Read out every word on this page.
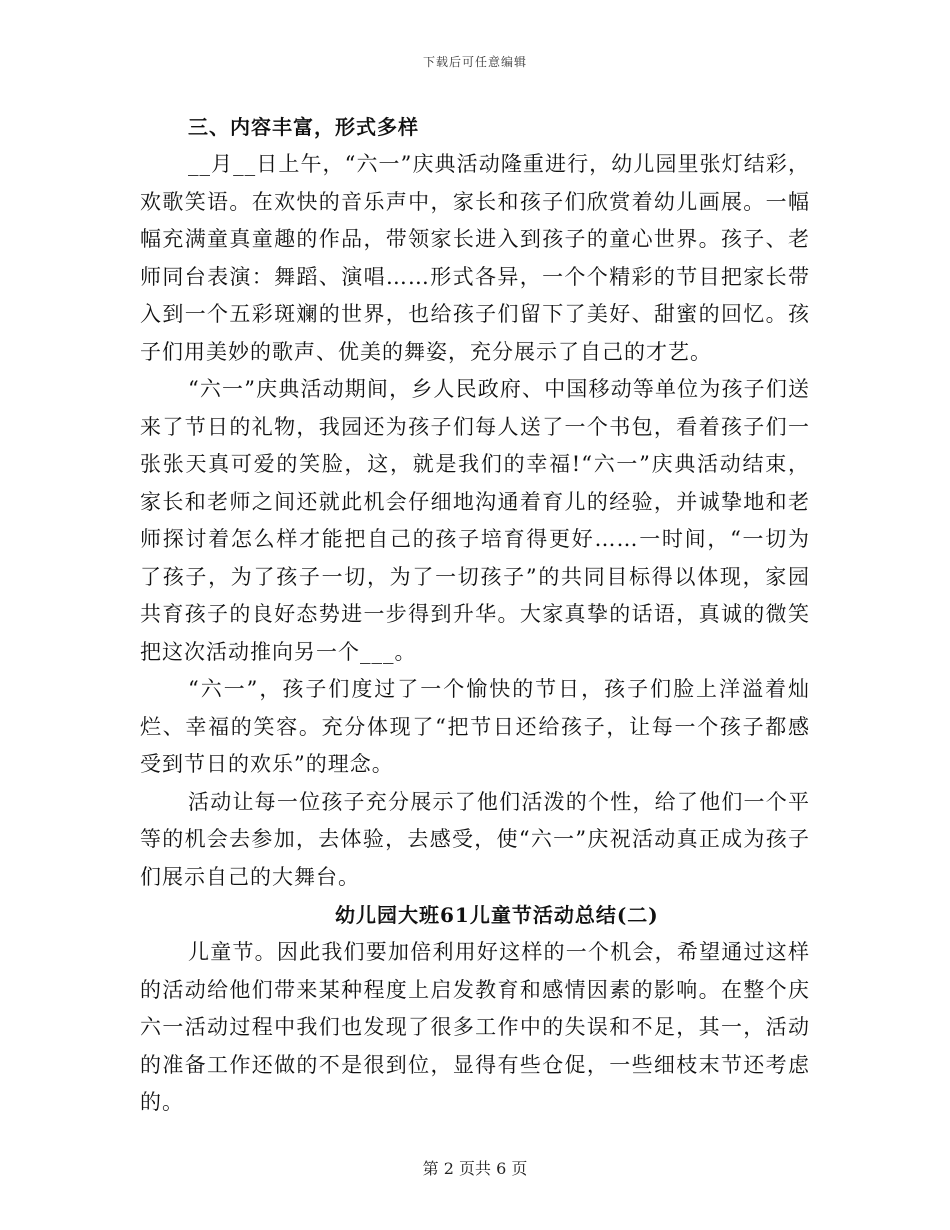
下载后可任意编辑
三、内容丰富，形式多样

__月__日上午，“六一”庆典活动隆重进行，幼儿园里张灯结彩，欢歌笑语。在欢快的音乐声中，家长和孩子们欣赏着幼儿画展。一幅幅充满童真童趣的作品，带领家长进入到孩子的童心世界。孩子、老师同台表演：舞蹈、演唱……形式各异，一个个精彩的节目把家长带入到一个五彩斑斓的世界，也给孩子们留下了美好、甜蜜的回忆。孩子们用美妙的歌声、优美的舞姿，充分展示了自己的才艺。

“六一”庆典活动期间，乡人民政府、中国移动等单位为孩子们送来了节日的礼物，我园还为孩子们每人送了一个书包，看着孩子们一张张天真可爱的笑脸，这，就是我们的幸福!“六一”庆典活动结束，家长和老师之间还就此机会仔细地沟通着育儿的经验，并诚挚地和老师探讨着怎么样才能把自己的孩子培育得更好……一时间，“一切为了孩子，为了孩子一切，为了一切孩子”的共同目标得以体现，家园共育孩子的良好态势进一步得到升华。大家真挚的话语，真诚的微笑把这次活动推向另一个___。

“六一”，孩子们度过了一个愉快的节日，孩子们脸上洋溢着灿烂、幸福的笑容。充分体现了“把节日还给孩子，让每一个孩子都感受到节日的欢乐”的理念。

活动让每一位孩子充分展示了他们活泼的个性，给了他们一个平等的机会去参加，去体验，去感受，使“六一”庆祝活动真正成为孩子们展示自己的大舞台。

幼儿园大班61儿童节活动总结(二)

儿童节。因此我们要加倍利用好这样的一个机会，希望通过这样的活动给他们带来某种程度上启发教育和感情因素的影响。在整个庆六一活动过程中我们也发现了很多工作中的失误和不足，其一，活动的准备工作还做的不是很到位，显得有些仓促，一些细枝末节还考虑的。

第 2 页共 6 页
